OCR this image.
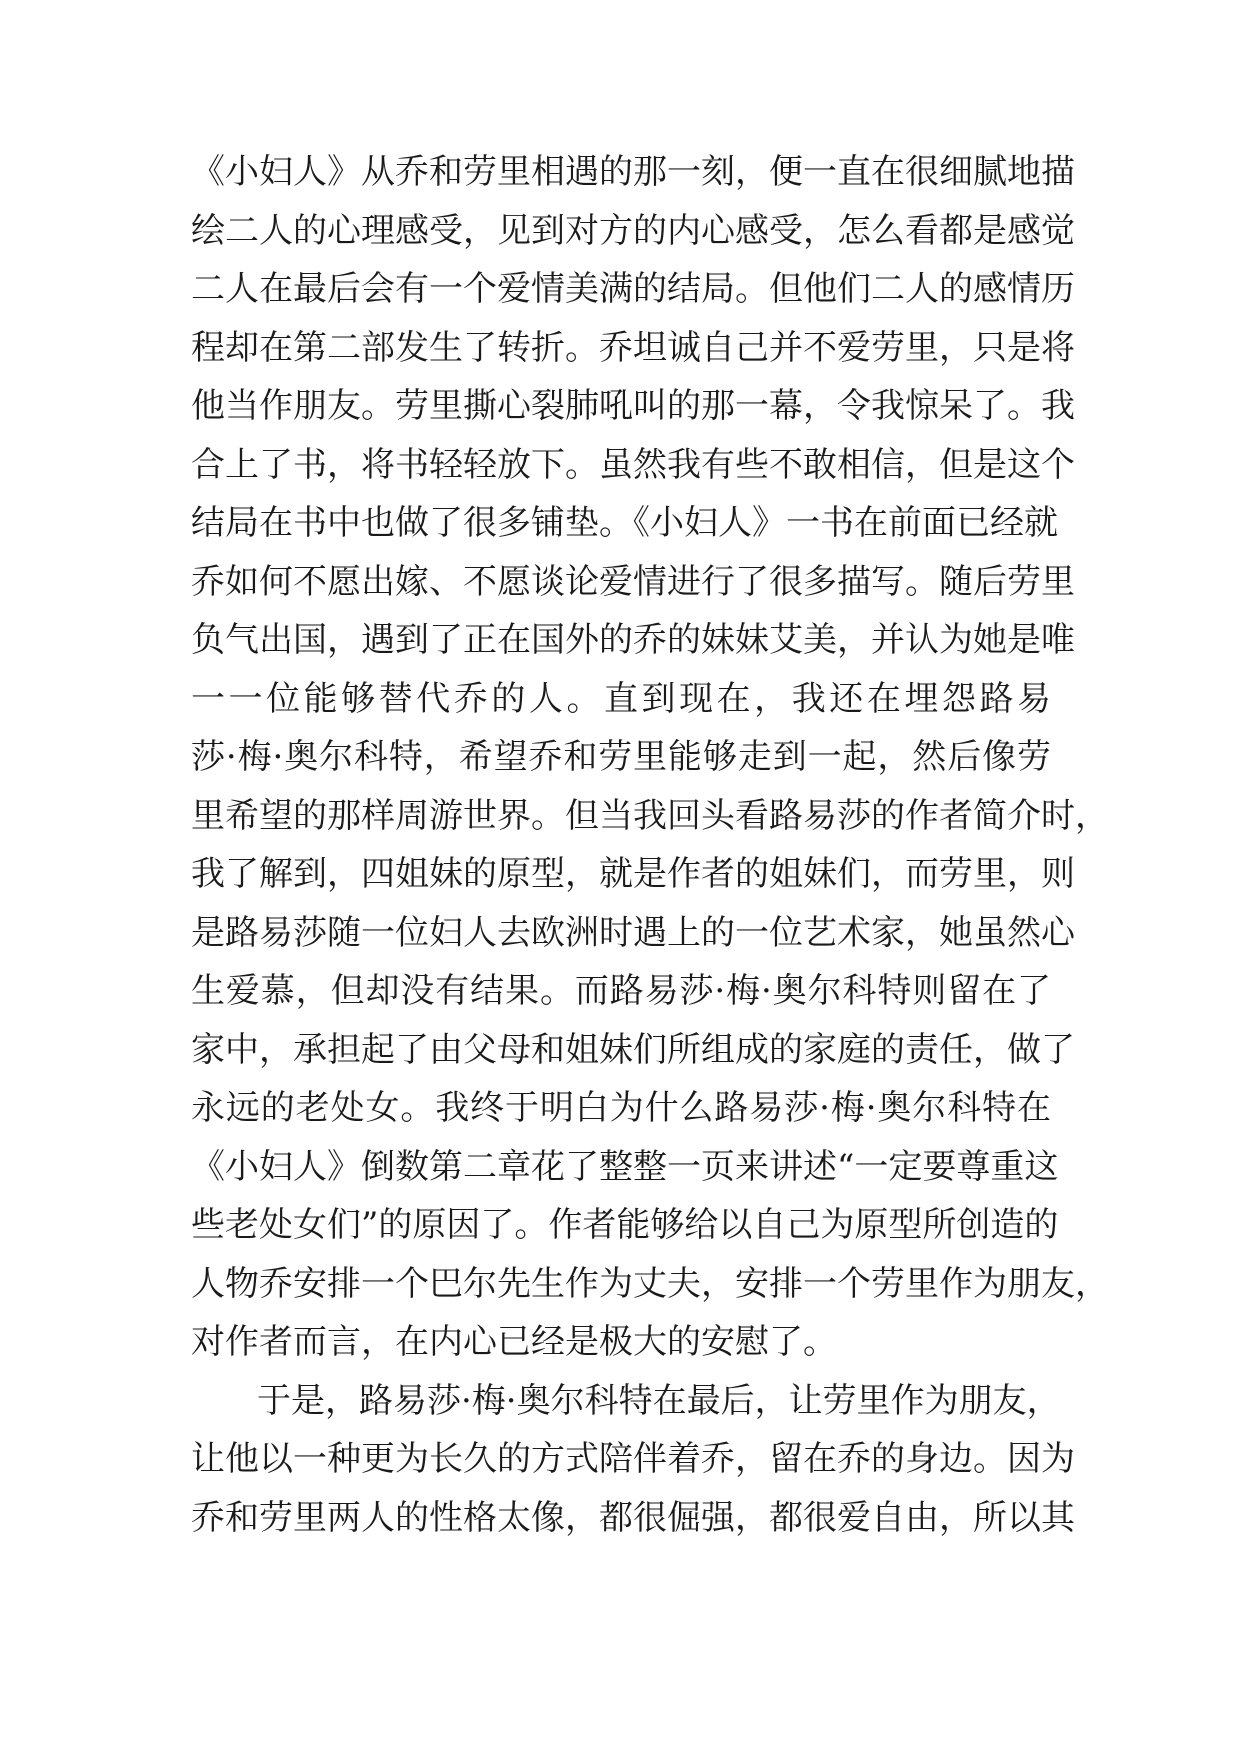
《小妇人》从乔和劳里相遇的那一刻，便一直在很细腻地描
绘二人的心理感受，见到对方的内心感受，怎么看都是感觉
二人在最后会有一个爱情美满的结局。但他们二人的感情历
程却在第二部发生了转折。乔坦诚自己并不爱劳里，只是将
他当作朋友。劳里撕心裂肺吼叫的那一幕，令我惊呆了。我
合上了书，将书轻轻放下。虽然我有些不敢相信，但是这个
结局在书中也做了很多铺垫。《小妇人》一书在前面已经就
乔如何不愿出嫁、不愿谈论爱情进行了很多描写。随后劳里
负气出国，遇到了正在国外的乔的妹妹艾美，并认为她是唯
一一位能够替代乔的人。直到现在，我还在埋怨路易
莎·梅·奥尔科特，希望乔和劳里能够走到一起，然后像劳
里希望的那样周游世界。但当我回头看路易莎的作者简介时，
我了解到，四姐妹的原型，就是作者的姐妹们，而劳里，则
是路易莎随一位妇人去欧洲时遇上的一位艺术家，她虽然心
生爱慕，但却没有结果。而路易莎·梅·奥尔科特则留在了
家中，承担起了由父母和姐妹们所组成的家庭的责任，做了
永远的老处女。我终于明白为什么路易莎·梅·奥尔科特在
《小妇人》倒数第二章花了整整一页来讲述“一定要尊重这
些老处女们”的原因了。作者能够给以自己为原型所创造的
人物乔安排一个巴尔先生作为丈夫，安排一个劳里作为朋友，
对作者而言，在内心已经是极大的安慰了。
于是，路易莎·梅·奥尔科特在最后，让劳里作为朋友，
让他以一种更为长久的方式陪伴着乔，留在乔的身边。因为
乔和劳里两人的性格太像，都很倔强，都很爱自由，所以其
